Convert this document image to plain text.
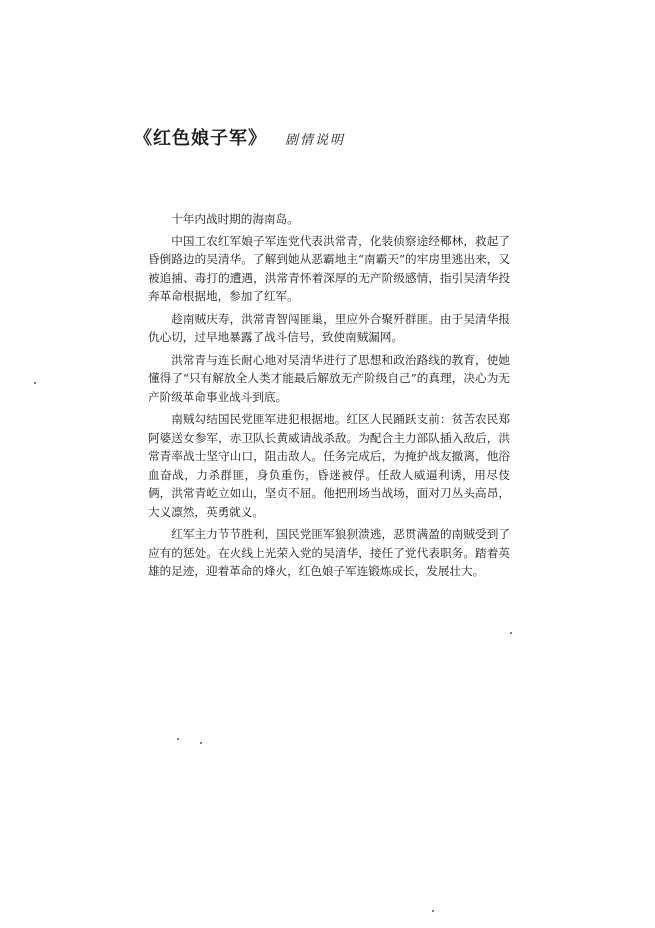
《红色娘子军》 剧情说明

十年内战时期的海南岛。

中国工农红军娘子军连党代表洪常青，化装侦察途经椰林，救起了昏倒路边的吴清华。了解到她从恶霸地主“南霸天”的牢房里逃出来，又被追捕、毒打的遭遇，洪常青怀着深厚的无产阶级感情，指引吴清华投奔革命根据地，参加了红军。

趁南贼庆寿，洪常青智闯匪巢，里应外合聚歼群匪。由于吴清华报仇心切，过早地暴露了战斗信号，致使南贼漏网。

洪常青与连长耐心地对吴清华进行了思想和政治路线的教育，使她懂得了“只有解放全人类才能最后解放无产阶级自己”的真理，决心为无产阶级革命事业战斗到底。

南贼勾结国民党匪军进犯根据地。红区人民踊跃支前：贫苦农民郑阿婆送女参军，赤卫队长黄威请战杀敌。为配合主力部队插入敌后，洪常青率战士坚守山口，阻击敌人。任务完成后，为掩护战友撤离，他浴血奋战，力杀群匪，身负重伤，昏迷被俘。任敌人威逼利诱，用尽伎俩，洪常青屹立如山，坚贞不屈。他把刑场当战场，面对刀丛头高昂，大义凛然，英勇就义。

红军主力节节胜利，国民党匪军狼狈溃逃，恶贯满盈的南贼受到了应有的惩处。在火线上光荣入党的吴清华，接任了党代表职务。踏着英雄的足迹，迎着革命的烽火，红色娘子军连锻炼成长，发展壮大。
